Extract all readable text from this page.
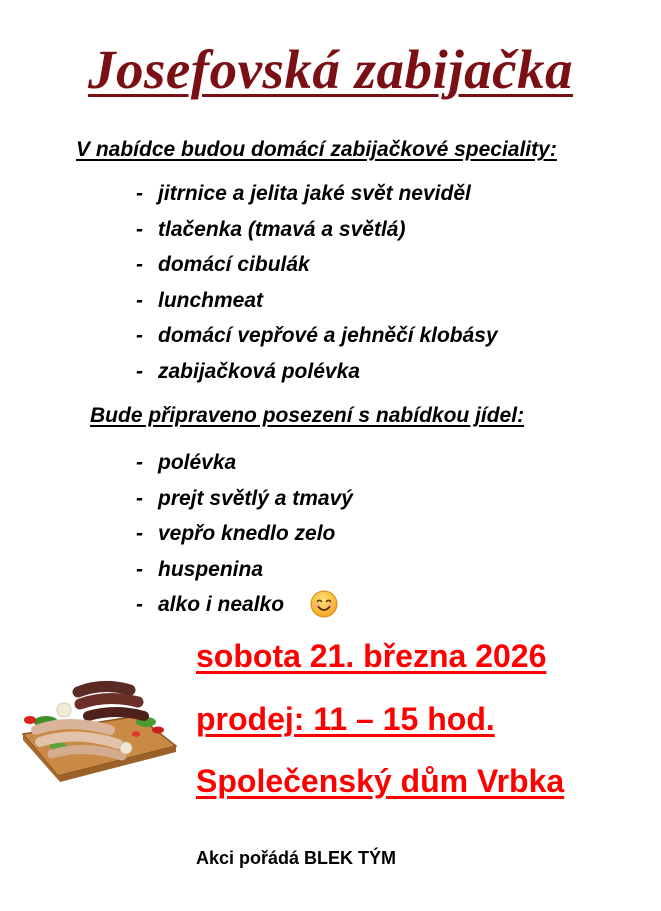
Josefovská zabijačka
V nabídce budou domácí zabijačkové speciality:
- jitrnice a jelita jaké svět neviděl
- tlačenka (tmavá a světlá)
- domácí cibulák
- lunchmeat
- domácí vepřové a jehněčí klobásy
- zabijačková polévka
Bude připraveno posezení s nabídkou jídel:
- polévka
- prejt světlý a tmavý
- vepřo knedlo zelo
- huspenina
- alko i nealko
sobota 21. března 2026
prodej: 11 – 15 hod.
Společenský dům Vrbka
Akci pořádá BLEK TÝM
